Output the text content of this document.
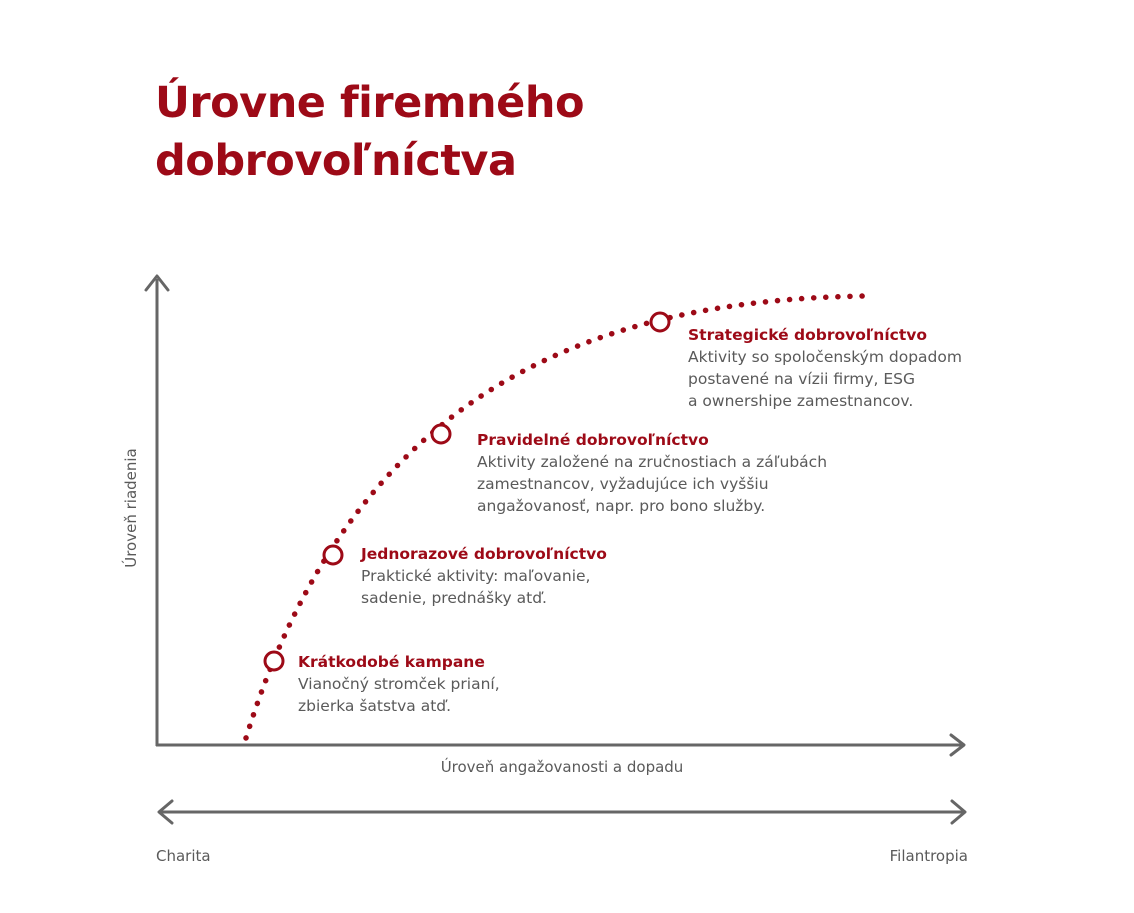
Úrovne firemného
dobrovoľníctva
Krátkodobé kampane
Vianočný stromček prianí,
zbierka šatstva atď.
Jednorazové dobrovoľníctvo
Praktické aktivity: maľovanie,
sadenie, prednášky atď.
Pravidelné dobrovoľníctvo
Aktivity založené na zručnostiach a záľubách
zamestnancov, vyžadujúce ich vyššiu
angažovanosť, napr. pro bono služby.
Strategické dobrovoľníctvo
Aktivity so spoločenským dopadom
postavené na vízii firmy, ESG
a ownershipe zamestnancov.
Úroveň riadenia
Úroveň angažovanosti a dopadu
Charita	Filantropia
